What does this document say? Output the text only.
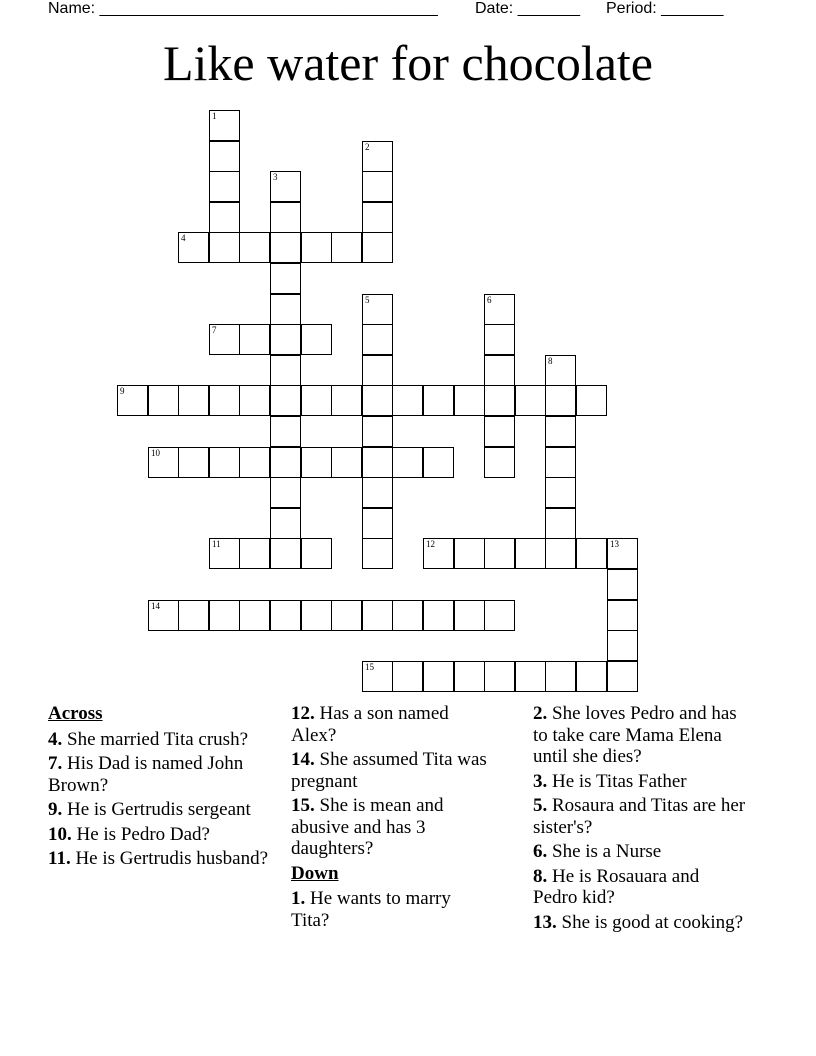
Name: ______________________________________ Date: _______ Period: _______
Like water for chocolate
1
2
3
4
5	6
7
8
9
10
11	12	13
14
15
Across
4. She married Tita crush?
7. His Dad is named John Brown?
9. He is Gertrudis sergeant
10. He is Pedro Dad?
11. He is Gertrudis husband?
12. Has a son named Alex?
14. She assumed Tita was pregnant
15. She is mean and abusive and has 3 daughters?
Down
1. He wants to marry Tita?
2. She loves Pedro and has to take care Mama Elena until she dies?
3. He is Titas Father
5. Rosaura and Titas are her sister's?
6. She is a Nurse
8. He is Rosauara and Pedro kid?
13. She is good at cooking?
